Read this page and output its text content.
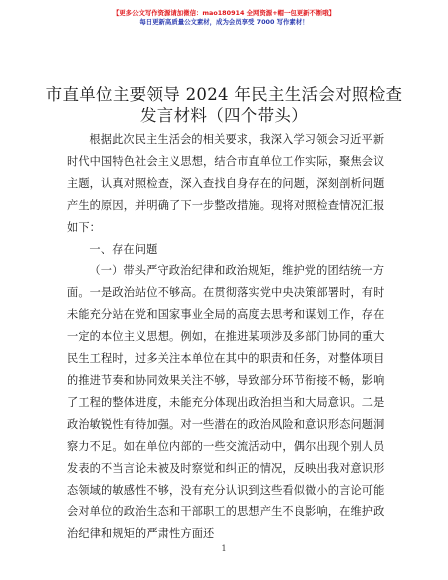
【更多公文写作资源请加微信：mao180914 全网资源+帽一包更新不断哦】
每日更新高质量公文素材，成为会员享受 7000 写作素材！
市直单位主要领导 2024 年民主生活会对照检查
发言材料（四个带头）

根据此次民主生活会的相关要求，我深入学习领会习近平新时代中国特色社会主义思想，结合市直单位工作实际，聚焦会议主题，认真对照检查，深入查找自身存在的问题，深刻剖析问题产生的原因，并明确了下一步整改措施。现将对照检查情况汇报如下：

一、存在问题

（一）带头严守政治纪律和政治规矩，维护党的团结统一方面。一是政治站位不够高。在贯彻落实党中央决策部署时，有时未能充分站在党和国家事业全局的高度去思考和谋划工作，存在一定的本位主义思想。例如，在推进某项涉及多部门协同的重大民生工程时，过多关注本单位在其中的职责和任务，对整体项目的推进节奏和协同效果关注不够，导致部分环节衔接不畅，影响了工程的整体进度，未能充分体现出政治担当和大局意识。二是政治敏锐性有待加强。对一些潜在的政治风险和意识形态问题洞察力不足。如在单位内部的一些交流活动中，偶尔出现个别人员发表的不当言论未被及时察觉和纠正的情况，反映出我对意识形态领域的敏感性不够，没有充分认识到这些看似微小的言论可能会对单位的政治生态和干部职工的思想产生不良影响，在维护政治纪律和规矩的严肃性方面还

1
